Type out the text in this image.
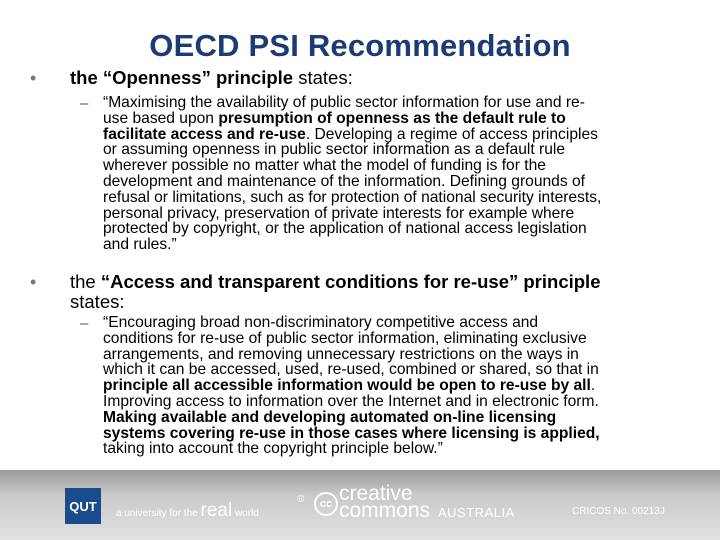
OECD PSI Recommendation
• the “Openness” principle states:
– “Maximising the availability of public sector information for use and re-
use based upon presumption of openness as the default rule to
facilitate access and re-use. Developing a regime of access principles
or assuming openness in public sector information as a default rule
wherever possible no matter what the model of funding is for the
development and maintenance of the information. Defining grounds of
refusal or limitations, such as for protection of national security interests,
personal privacy, preservation of private interests for example where
protected by copyright, or the application of national access legislation
and rules.”
• the “Access and transparent conditions for re-use” principle
states:
– “Encouraging broad non-discriminatory competitive access and
conditions for re-use of public sector information, eliminating exclusive
arrangements, and removing unnecessary restrictions on the ways in
which it can be accessed, used, re-used, combined or shared, so that in
principle all accessible information would be open to re-use by all.
Improving access to information over the Internet and in electronic form.
Making available and developing automated on-line licensing
systems covering re-use in those cases where licensing is applied,
taking into account the copyright principle below.”
QUT	a university for the real world
®	cc creative
commons AUSTRALIA	CRICOS No. 00213J
